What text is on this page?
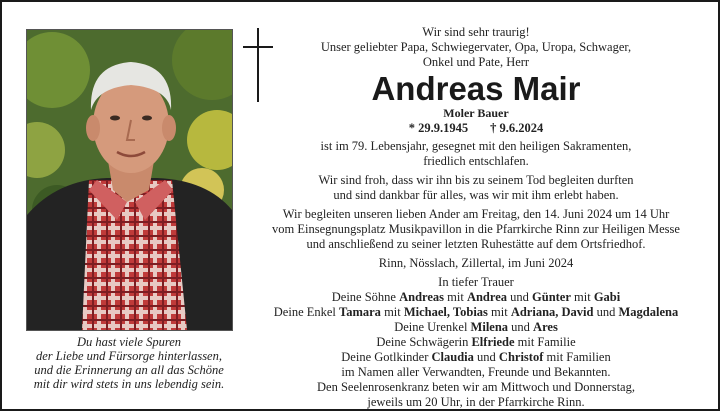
Du hast viele Spuren
der Liebe und Fürsorge hinterlassen,
und die Erinnerung an all das Schöne
mit dir wird stets in uns lebendig sein.
Wir sind sehr traurig!
Unser geliebter Papa, Schwiegervater, Opa, Uropa, Schwager,
Onkel und Pate, Herr
Andreas Mair
Moler Bauer
* 29.9.1945 † 9.6.2024
ist im 79. Lebensjahr, gesegnet mit den heiligen Sakramenten,
friedlich entschlafen.
Wir sind froh, dass wir ihn bis zu seinem Tod begleiten durften
und sind dankbar für alles, was wir mit ihm erlebt haben.
Wir begleiten unseren lieben Ander am Freitag, den 14. Juni 2024 um 14 Uhr
vom Einsegnungsplatz Musikpavillon in die Pfarrkirche Rinn zur Heiligen Messe
und anschließend zu seiner letzten Ruhestätte auf dem Ortsfriedhof.
Rinn, Nösslach, Zillertal, im Juni 2024
In tiefer Trauer
Deine Söhne Andreas mit Andrea und Günter mit Gabi
Deine Enkel Tamara mit Michael, Tobias mit Adriana, David und Magdalena
Deine Urenkel Milena und Ares
Deine Schwägerin Elfriede mit Familie
Deine Gotlkinder Claudia und Christof mit Familien
im Namen aller Verwandten, Freunde und Bekannten.
Den Seelenrosenkranz beten wir am Mittwoch und Donnerstag,
jeweils um 20 Uhr, in der Pfarrkirche Rinn.
